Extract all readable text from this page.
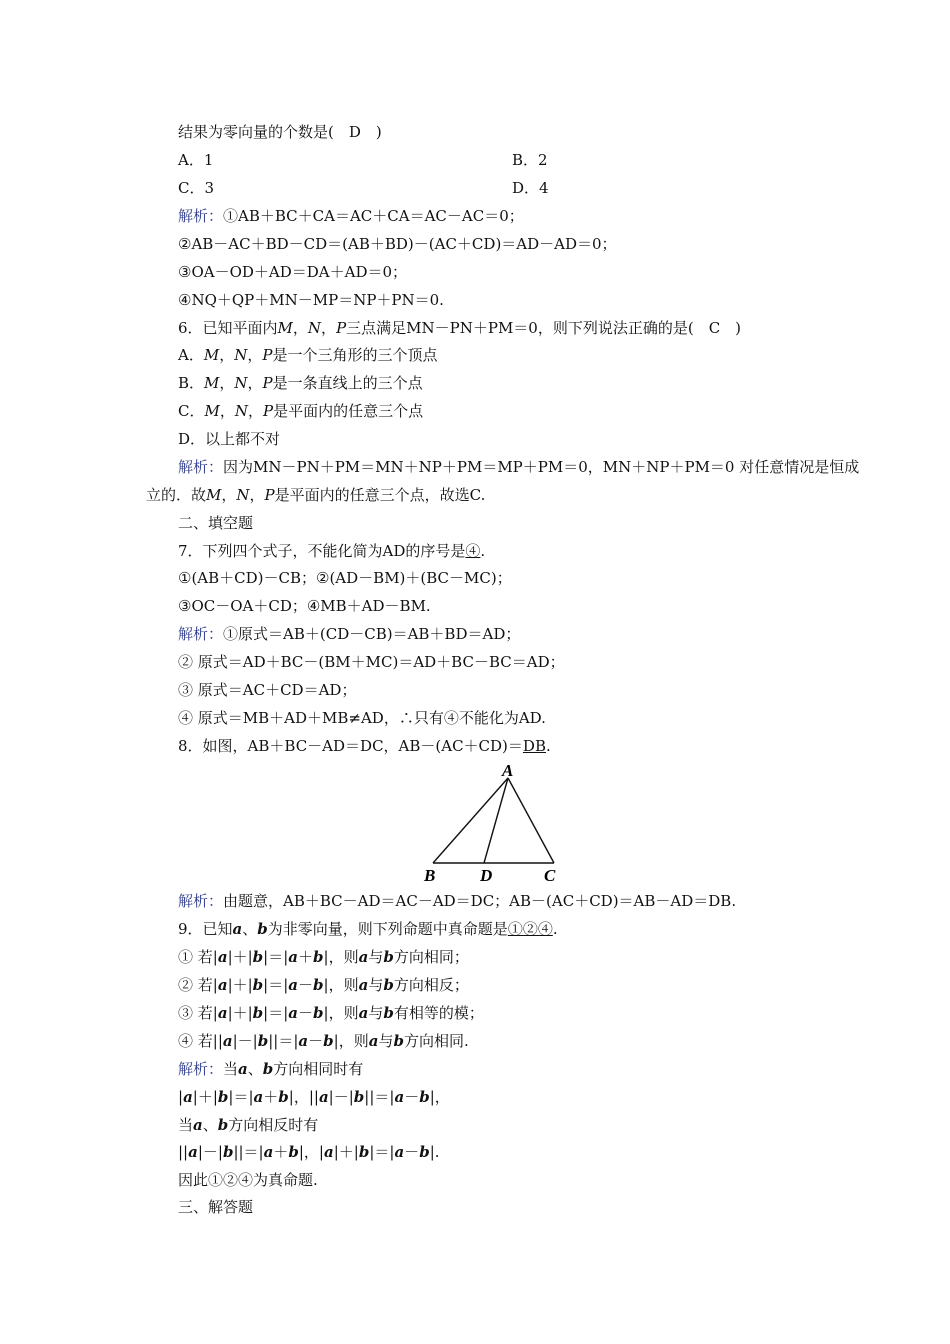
结果为零向量的个数是(　D　)
A．1	B．2
C．3	D．4
解析：①AB＋BC＋CA＝AC＋CA＝AC－AC＝0；
②AB－AC＋BD－CD＝(AB＋BD)－(AC＋CD)＝AD－AD＝0；
③OA－OD＋AD＝DA＋AD＝0；
④NQ＋QP＋MN－MP＝NP＋PN＝0.
6．已知平面内M，N，P三点满足MN－PN＋PM＝0，则下列说法正确的是(　C　)
A．M，N，P是一个三角形的三个顶点
B．M，N，P是一条直线上的三个点
C．M，N，P是平面内的任意三个点
D．以上都不对
解析：因为MN－PN＋PM＝MN＋NP＋PM＝MP＋PM＝0，MN＋NP＋PM＝0 对任意情况是恒成
立的．故M，N，P是平面内的任意三个点，故选C.
二、填空题
7．下列四个式子，不能化简为AD的序号是④.
①(AB＋CD)－CB；②(AD－BM)＋(BC－MC)；
③OC－OA＋CD；④MB＋AD－BM.
解析：①原式＝AB＋(CD－CB)＝AB＋BD＝AD；
② 原式＝AD＋BC－(BM＋MC)＝AD＋BC－BC＝AD；
③ 原式＝AC＋CD＝AD；
④ 原式＝MB＋AD＋MB≠AD，∴只有④不能化为AD.
8．如图，AB＋BC－AD＝DC，AB－(AC＋CD)＝DB.
A
B	D	C
解析：由题意，AB＋BC－AD＝AC－AD＝DC；AB－(AC＋CD)＝AB－AD＝DB.
9．已知a、b为非零向量，则下列命题中真命题是①②④.
① 若|a|＋|b|＝|a＋b|，则a与b方向相同；
② 若|a|＋|b|＝|a－b|，则a与b方向相反；
③ 若|a|＋|b|＝|a－b|，则a与b有相等的模；
④ 若||a|－|b||＝|a－b|，则a与b方向相同.
解析：当a、b方向相同时有
|a|＋|b|＝|a＋b|，||a|－|b||＝|a－b|，
当a、b方向相反时有
||a|－|b||＝|a＋b|，|a|＋|b|＝|a－b|.
因此①②④为真命题.
三、解答题
